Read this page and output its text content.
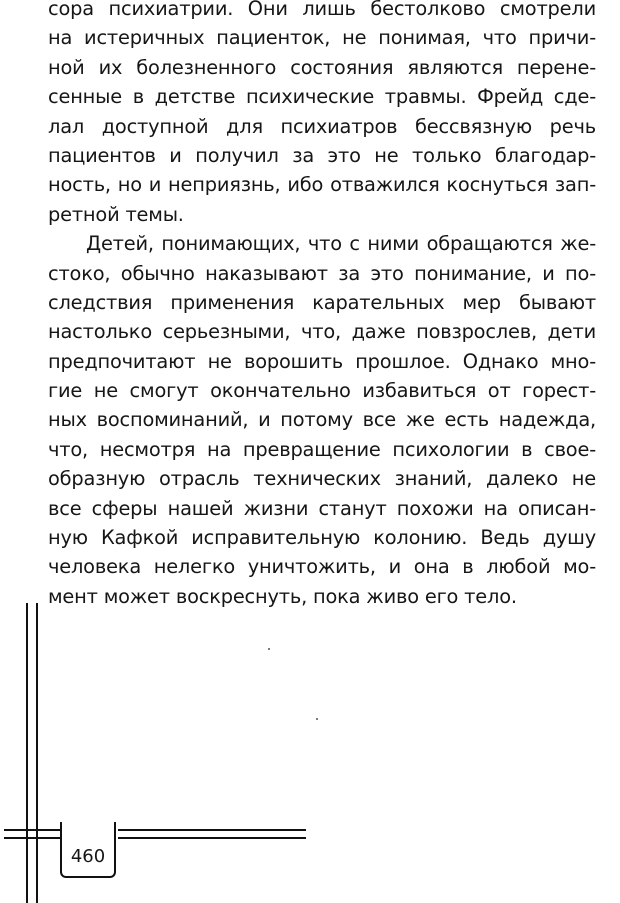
сора психиатрии. Они лишь бестолково смотрели
на истеричных пациенток, не понимая, что причи-
ной их болезненного состояния являются перене-
сенные в детстве психические травмы. Фрейд сде-
лал доступной для психиатров бессвязную речь
пациентов и получил за это не только благодар-
ность, но и неприязнь, ибо отважился коснуться зап-
ретной темы.
Детей, понимающих, что с ними обращаются же-
стоко, обычно наказывают за это понимание, и по-
следствия применения карательных мер бывают
настолько серьезными, что, даже повзрослев, дети
предпочитают не ворошить прошлое. Однако мно-
гие не смогут окончательно избавиться от горест-
ных воспоминаний, и потому все же есть надежда,
что, несмотря на превращение психологии в свое-
образную отрасль технических знаний, далеко не
все сферы нашей жизни станут похожи на описан-
ную Кафкой исправительную колонию. Ведь душу
человека нелегко уничтожить, и она в любой мо-
мент может воскреснуть, пока живо его тело.
460
